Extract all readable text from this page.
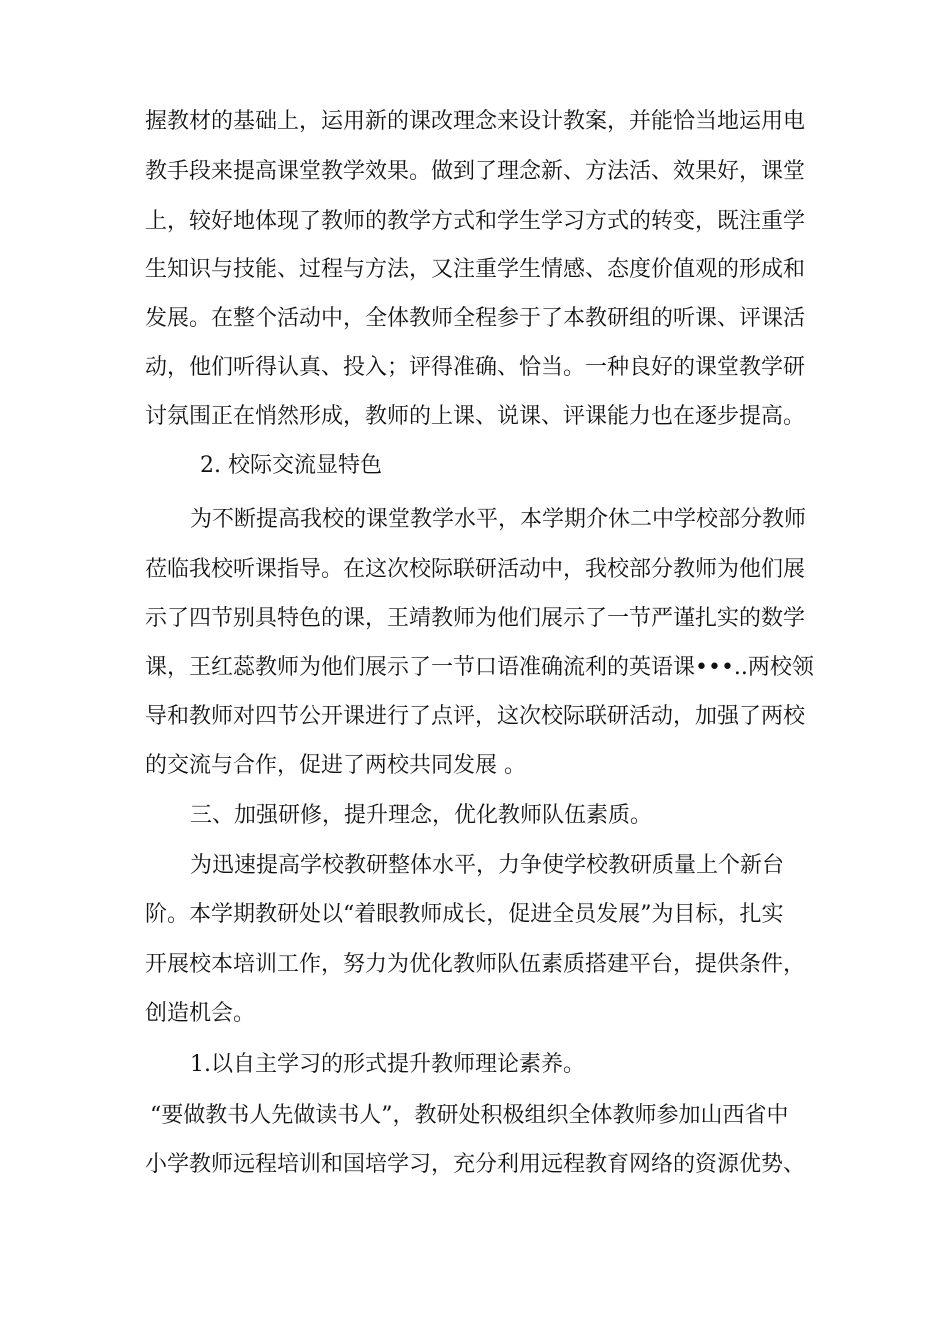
握教材的基础上，运用新的课改理念来设计教案，并能恰当地运用电
教手段来提高课堂教学效果。做到了理念新、方法活、效果好，课堂
上，较好地体现了教师的教学方式和学生学习方式的转变，既注重学
生知识与技能、过程与方法，又注重学生情感、态度价值观的形成和
发展。在整个活动中，全体教师全程参于了本教研组的听课、评课活
动，他们听得认真、投入；评得准确、恰当。一种良好的课堂教学研
讨氛围正在悄然形成，教师的上课、说课、评课能力也在逐步提高。
2. 校际交流显特色
为不断提高我校的课堂教学水平，本学期介休二中学校部分教师
莅临我校听课指导。在这次校际联研活动中，我校部分教师为他们展
示了四节别具特色的课，王靖教师为他们展示了一节严谨扎实的数学
课，王红蕊教师为他们展示了一节口语准确流利的英语课•••..两校领
导和教师对四节公开课进行了点评，这次校际联研活动，加强了两校
的交流与合作，促进了两校共同发展 。
三、加强研修，提升理念，优化教师队伍素质。
为迅速提高学校教研整体水平，力争使学校教研质量上个新台
阶。本学期教研处以“着眼教师成长，促进全员发展”为目标，扎实
开展校本培训工作，努力为优化教师队伍素质搭建平台，提供条件，
创造机会。
1.以自主学习的形式提升教师理论素养。
“要做教书人先做读书人”，教研处积极组织全体教师参加山西省中
小学教师远程培训和国培学习，充分利用远程教育网络的资源优势、
